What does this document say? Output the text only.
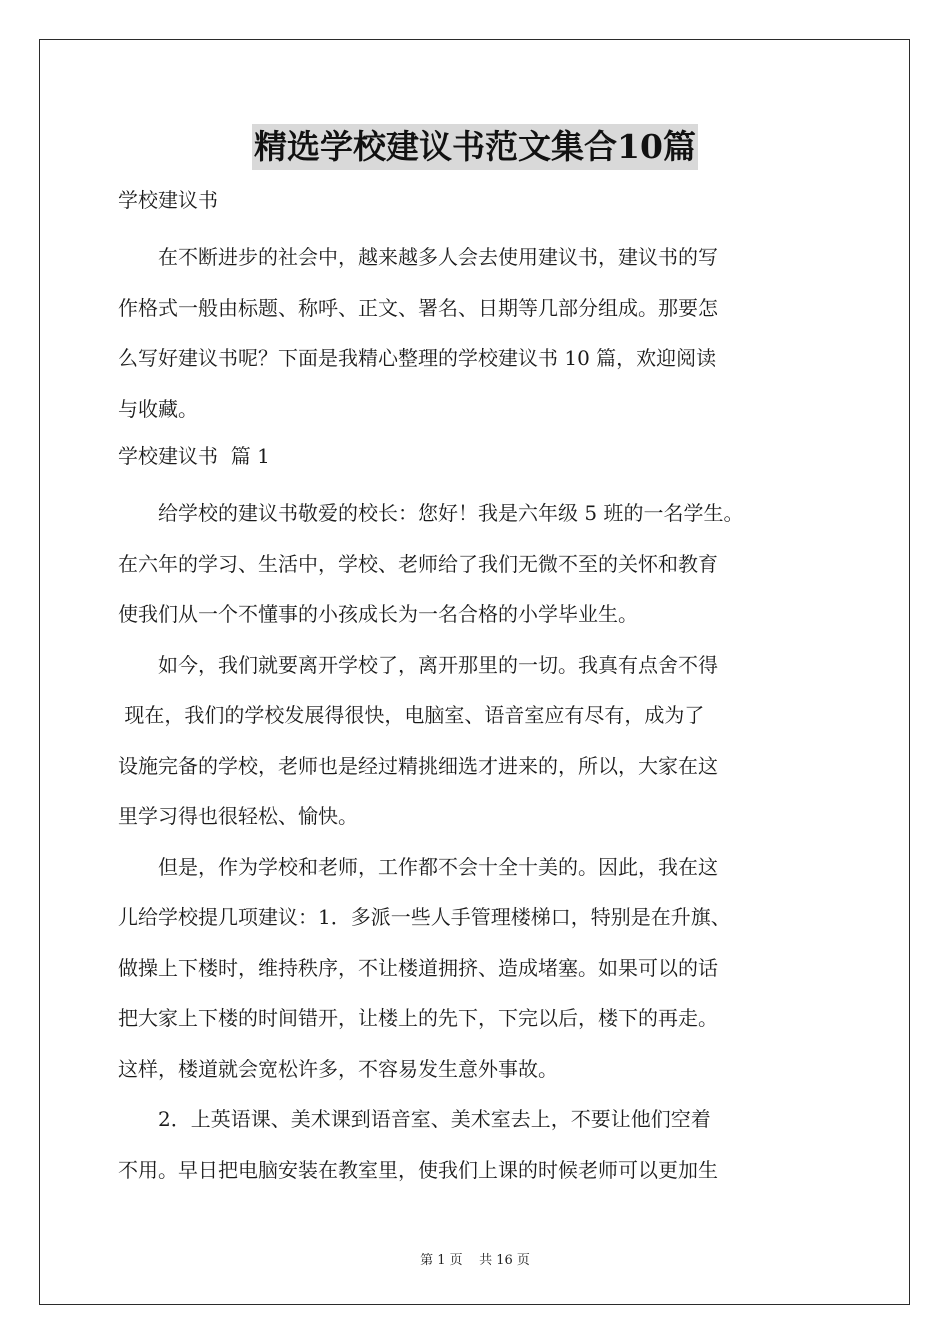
精选学校建议书范文集合10篇
学校建议书
　　在不断进步的社会中，越来越多人会去使用建议书，建议书的写
作格式一般由标题、称呼、正文、署名、日期等几部分组成。那要怎
么写好建议书呢？下面是我精心整理的学校建议书 10 篇，欢迎阅读
与收藏。
学校建议书  篇 1
　　给学校的建议书敬爱的校长：您好！我是六年级 5 班的一名学生。
在六年的学习、生活中，学校、老师给了我们无微不至的关怀和教育
使我们从一个不懂事的小孩成长为一名合格的小学毕业生。
　　如今，我们就要离开学校了，离开那里的一切。我真有点舍不得
现在，我们的学校发展得很快，电脑室、语音室应有尽有，成为了
设施完备的学校，老师也是经过精挑细选才进来的，所以，大家在这
里学习得也很轻松、愉快。
　　但是，作为学校和老师，工作都不会十全十美的。因此，我在这
儿给学校提几项建议：1．多派一些人手管理楼梯口，特别是在升旗、
做操上下楼时，维持秩序，不让楼道拥挤、造成堵塞。如果可以的话
把大家上下楼的时间错开，让楼上的先下，下完以后，楼下的再走。
这样，楼道就会宽松许多，不容易发生意外事故。
　　2．上英语课、美术课到语音室、美术室去上，不要让他们空着
不用。早日把电脑安装在教室里，使我们上课的时候老师可以更加生
第 1 页    共 16 页
